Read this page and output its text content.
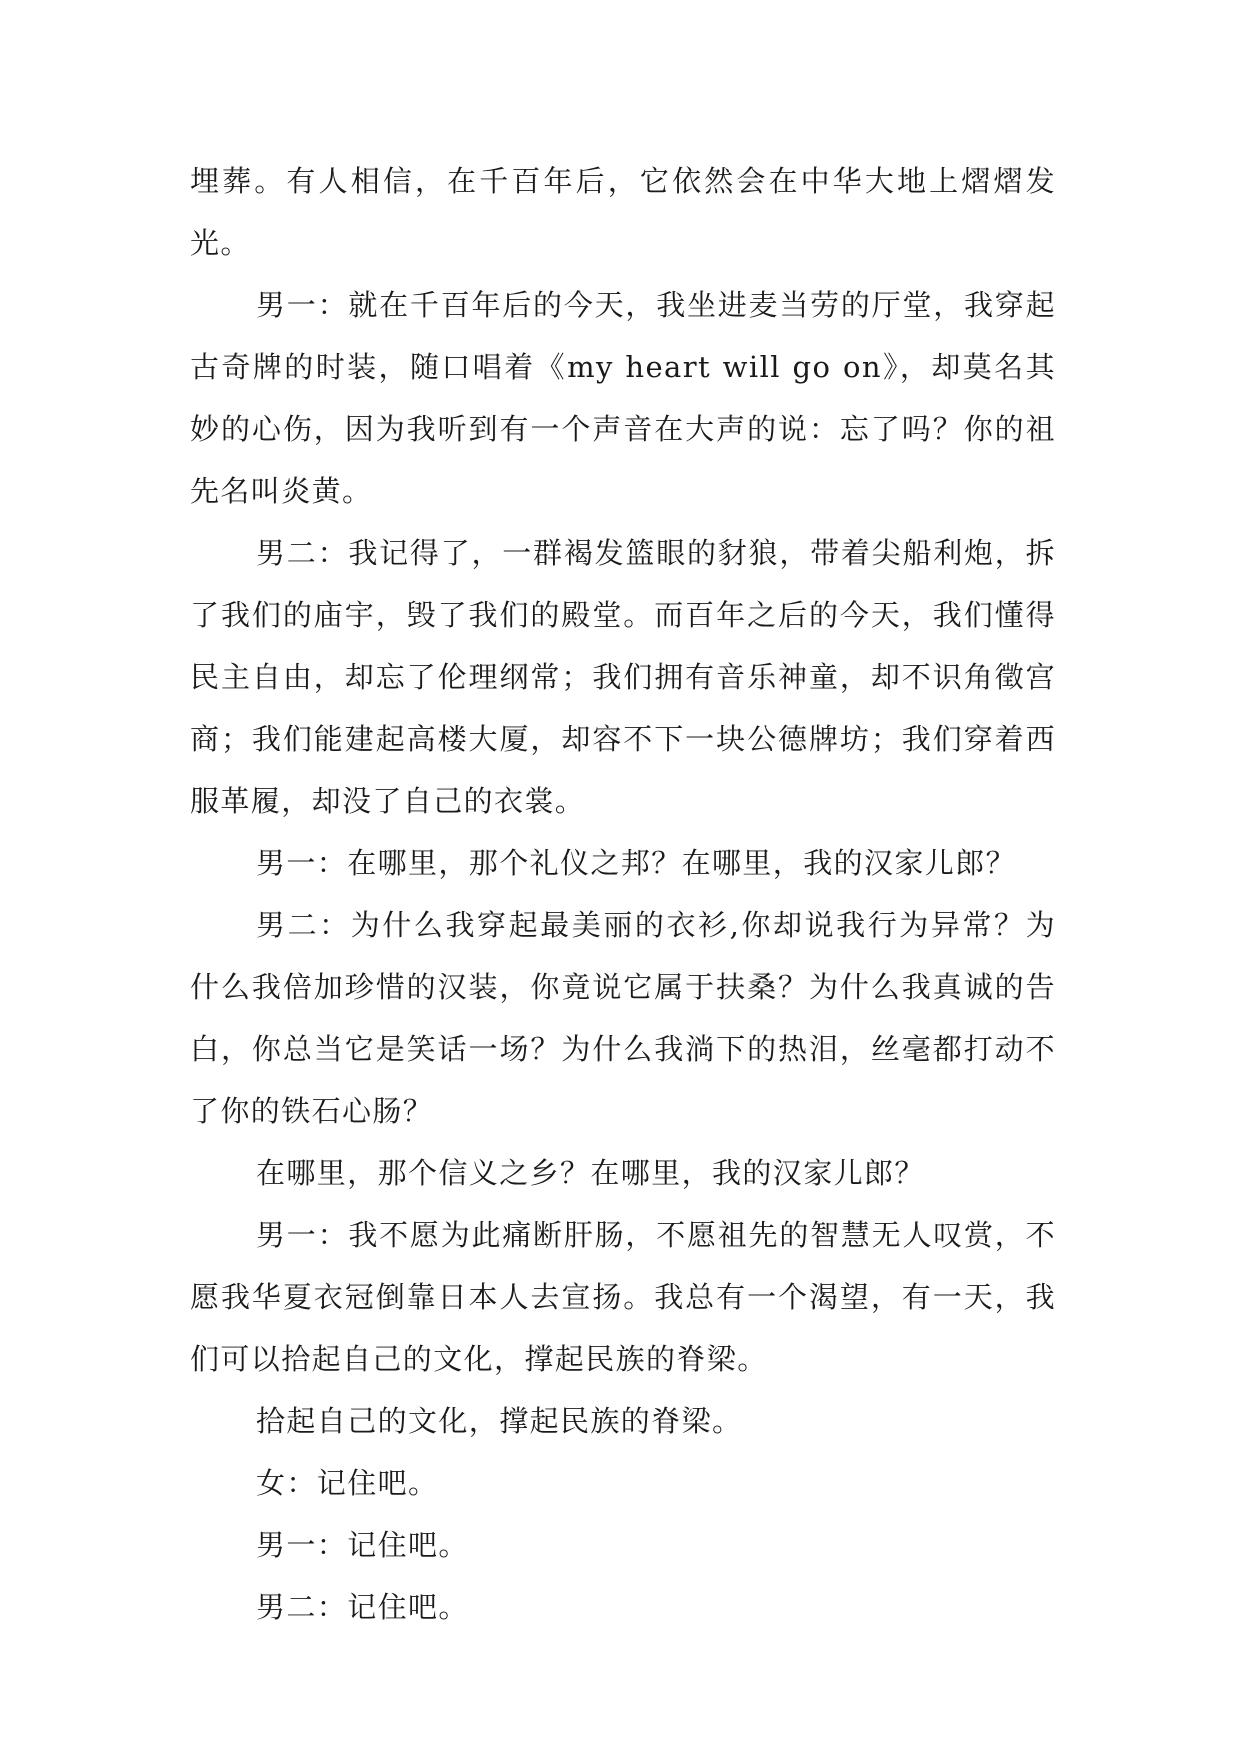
埋葬。有人相信，在千百年后，它依然会在中华大地上熠熠发光。

男一：就在千百年后的今天，我坐进麦当劳的厅堂，我穿起古奇牌的时装，随口唱着《my heart will go on》，却莫名其妙的心伤，因为我听到有一个声音在大声的说：忘了吗？你的祖先名叫炎黄。

男二：我记得了，一群褐发篮眼的豺狼，带着尖船利炮，拆了我们的庙宇，毁了我们的殿堂。而百年之后的今天，我们懂得民主自由，却忘了伦理纲常；我们拥有音乐神童，却不识角徵宫商；我们能建起高楼大厦，却容不下一块公德牌坊；我们穿着西服革履，却没了自己的衣裳。

男一：在哪里，那个礼仪之邦？在哪里，我的汉家儿郎？

男二：为什么我穿起最美丽的衣衫,你却说我行为异常？为什么我倍加珍惜的汉装，你竟说它属于扶桑？为什么我真诚的告白，你总当它是笑话一场？为什么我淌下的热泪，丝毫都打动不了你的铁石心肠？

在哪里，那个信义之乡？在哪里，我的汉家儿郎？

男一：我不愿为此痛断肝肠，不愿祖先的智慧无人叹赏，不愿我华夏衣冠倒靠日本人去宣扬。我总有一个渴望，有一天，我们可以拾起自己的文化，撑起民族的脊梁。

拾起自己的文化，撑起民族的脊梁。

女：记住吧。

男一：记住吧。

男二：记住吧。
